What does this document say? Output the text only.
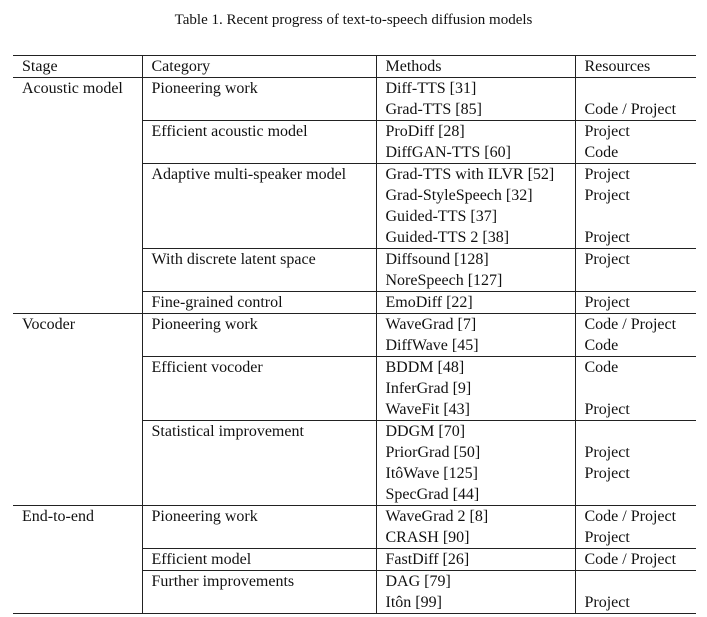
Table 1. Recent progress of text-to-speech diffusion models
Stage	Category	Methods	Resources
Acoustic model	Pioneering work	Diff-TTS [31]	
		Grad-TTS [85]	Code / Project
	Efficient acoustic model	ProDiff [28]	Project
		DiffGAN-TTS [60]	Code
	Adaptive multi-speaker model	Grad-TTS with ILVR [52]	Project
		Grad-StyleSpeech [32]	Project
		Guided-TTS [37]	
		Guided-TTS 2 [38]	Project
	With discrete latent space	Diffsound [128]	Project
		NoreSpeech [127]	
	Fine-grained control	EmoDiff [22]	Project
Vocoder	Pioneering work	WaveGrad [7]	Code / Project
		DiffWave [45]	Code
	Efficient vocoder	BDDM [48]	Code
		InferGrad [9]	
		WaveFit [43]	Project
	Statistical improvement	DDGM [70]	
		PriorGrad [50]	Project
		ItôWave [125]	Project
		SpecGrad [44]	
End-to-end	Pioneering work	WaveGrad 2 [8]	Code / Project
		CRASH [90]	Project
	Efficient model	FastDiff [26]	Code / Project
	Further improvements	DAG [79]	
		Itôn [99]	Project
